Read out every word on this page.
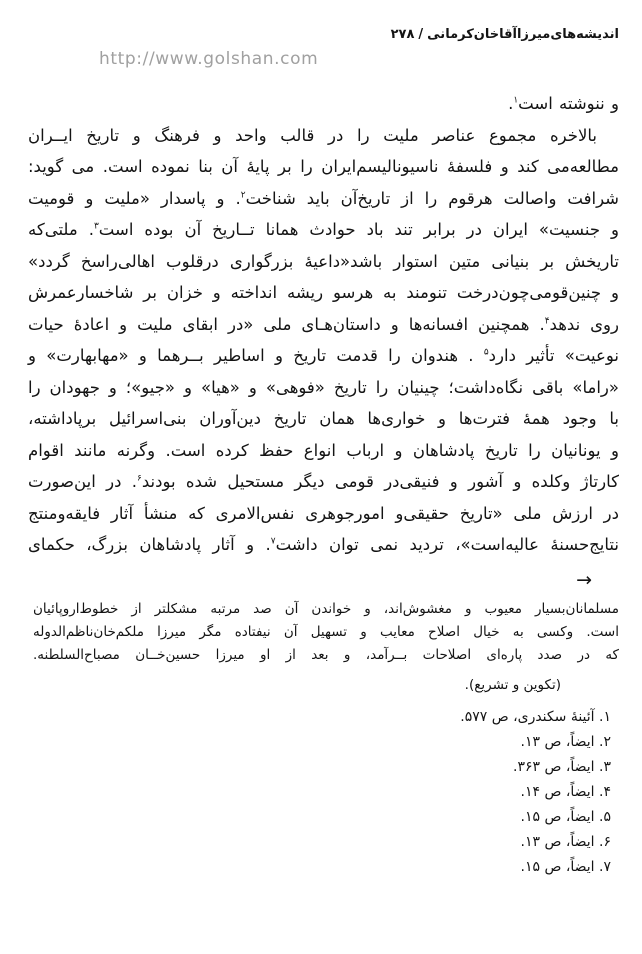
اندیشه‌های‌میرزاآقاخان‌کرمانی/۲۷۸
http://www.golshan.com
و ننوشته است$^۱$.
بالاخره مجموع عناصر ملیت را در قالب واحد و فرهنگ و تاریخ ایــران
مطالعه‌می کند و فلسفهٔ ناسیونالیسم‌ایران را بر پایهٔ آن بنا نموده است. می گوید:
شرافت واصالت هرقوم را از تاریخ‌آن باید شناخت$^۲$. و پاسدار «ملیت و قومیت
و جنسیت» ایران در برابر تند باد حوادث همانا تــاریخ آن بوده است$^۳$. ملتی‌که
تاریخش بر بنیانی متین استوار باشد«داعیهٔ بزرگواری درقلوب اهالی‌راسخ گردد»
و چنین‌قومی‌چون‌درخت تنومند به هرسو ریشه انداخته و خزان بر شاخسارعمرش
روی ندهد$^۴$. همچنین افسانه‌ها و داستان‌هـای ملی «در ابقای ملیت و اعادهٔ حیات
نوعیت» تأثیر دارد$^۵$ . هندوان را قدمت تاریخ و اساطیر بــرهما و «مهابهارت» و
«راما» باقی نگاه‌داشت؛ چینیان را تاریخ «فوهی» و «هیا» و «جیو»؛ و جهودان را
با وجود همهٔ فترت‌ها و خواری‌ها همان تاریخ دین‌آوران بنی‌اسرائیل برپاداشته،
و یونانیان را تاریخ پادشاهان و ارباب انواع حفظ کرده است. وگرنه مانند اقوام
کارتاژ وکلده و آشور و فنیقی‌در قومی دیگر مستحیل شده بودند$^۶$. در این‌صورت
در ارزش ملی «تاریخ حقیقی‌و امورجوهری نفس‌الامری که منشأ آثار فایقه‌ومنتج
نتایج‌حسنهٔ عالیه‌است»، تردید نمی توان داشت$^۷$. و آثار پادشاهان بزرگ، حکمای
→
مسلمانان‌بسیار معیوب و مغشوش‌اند، و خواندن آن صد مرتبه مشکلتر از خطوط‌اروپائیان
است. وکسی به خیال اصلاح معایب و تسهیل آن نیفتاده مگر میرزا ملکم‌خان‌ناظم‌الدوله
که در صدد پاره‌ای اصلاحات بــرآمد، و بعد از او میرزا حسین‌خــان مصباح‌السلطنه.
(تکوین و تشریع).
۱. آئینهٔ سکندری، ص ۵۷۷.
۲. ایضاً، ص ۱۳.
۳. ایضاً، ص ۳۶۳.
۴. ایضاً، ص ۱۴.
۵. ایضاً، ص ۱۵.
۶. ایضاً، ص ۱۳.
۷. ایضاً، ص ۱۵.
